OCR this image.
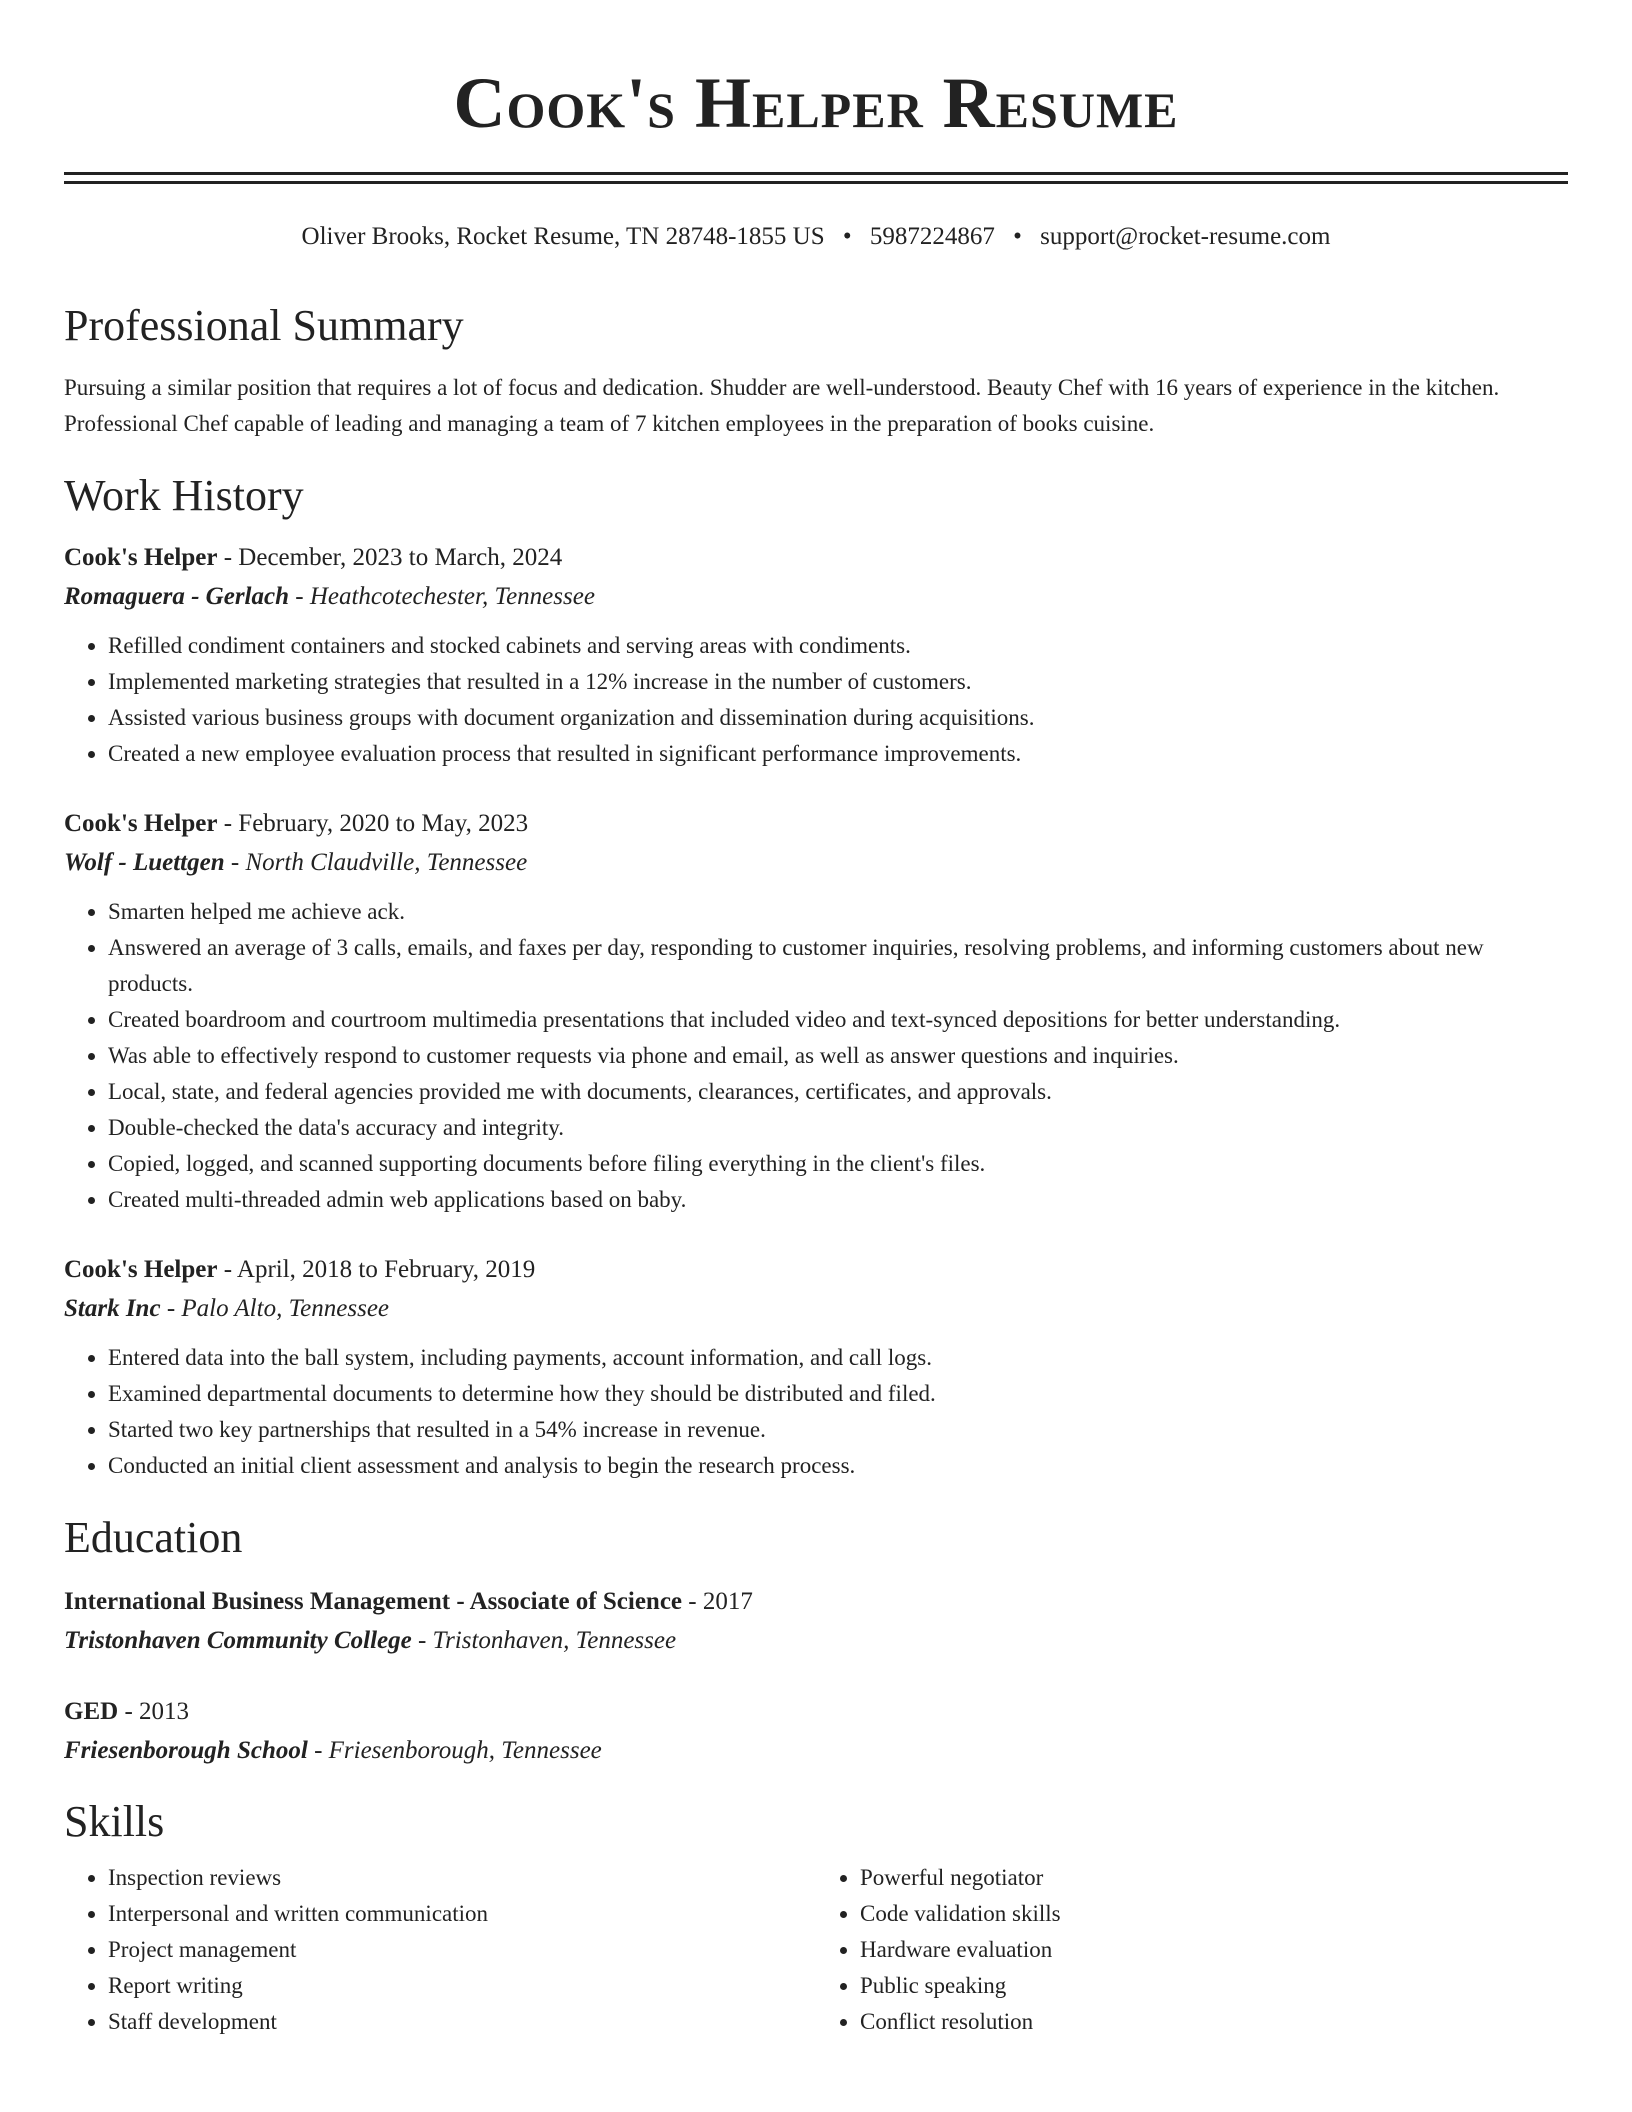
Cook's Helper Resume
Oliver Brooks, Rocket Resume, TN 28748-1855 US • 5987224867 • support@rocket-resume.com
Professional Summary

Pursuing a similar position that requires a lot of focus and dedication. Shudder are well-understood. Beauty Chef with 16 years of experience in the kitchen. Professional Chef capable of leading and managing a team of 7 kitchen employees in the preparation of books cuisine.

Work History
Cook's Helper - December, 2023 to March, 2024
Romaguera - Gerlach - Heathcotechester, Tennessee
• Refilled condiment containers and stocked cabinets and serving areas with condiments.
• Implemented marketing strategies that resulted in a 12% increase in the number of customers.
• Assisted various business groups with document organization and dissemination during acquisitions.
• Created a new employee evaluation process that resulted in significant performance improvements.
Cook's Helper - February, 2020 to May, 2023
Wolf - Luettgen - North Claudville, Tennessee
• Smarten helped me achieve ack.
• Answered an average of 3 calls, emails, and faxes per day, responding to customer inquiries, resolving problems, and informing customers about new products.
• Created boardroom and courtroom multimedia presentations that included video and text-synced depositions for better understanding.
• Was able to effectively respond to customer requests via phone and email, as well as answer questions and inquiries.
• Local, state, and federal agencies provided me with documents, clearances, certificates, and approvals.
• Double-checked the data's accuracy and integrity.
• Copied, logged, and scanned supporting documents before filing everything in the client's files.
• Created multi-threaded admin web applications based on baby.
Cook's Helper - April, 2018 to February, 2019
Stark Inc - Palo Alto, Tennessee
• Entered data into the ball system, including payments, account information, and call logs.
• Examined departmental documents to determine how they should be distributed and filed.
• Started two key partnerships that resulted in a 54% increase in revenue.
• Conducted an initial client assessment and analysis to begin the research process.
Education
International Business Management - Associate of Science - 2017
Tristonhaven Community College - Tristonhaven, Tennessee
GED - 2013
Friesenborough School - Friesenborough, Tennessee
Skills
• Inspection reviews
• Interpersonal and written communication
• Project management
• Report writing
• Staff development
• Powerful negotiator
• Code validation skills
• Hardware evaluation
• Public speaking
• Conflict resolution
